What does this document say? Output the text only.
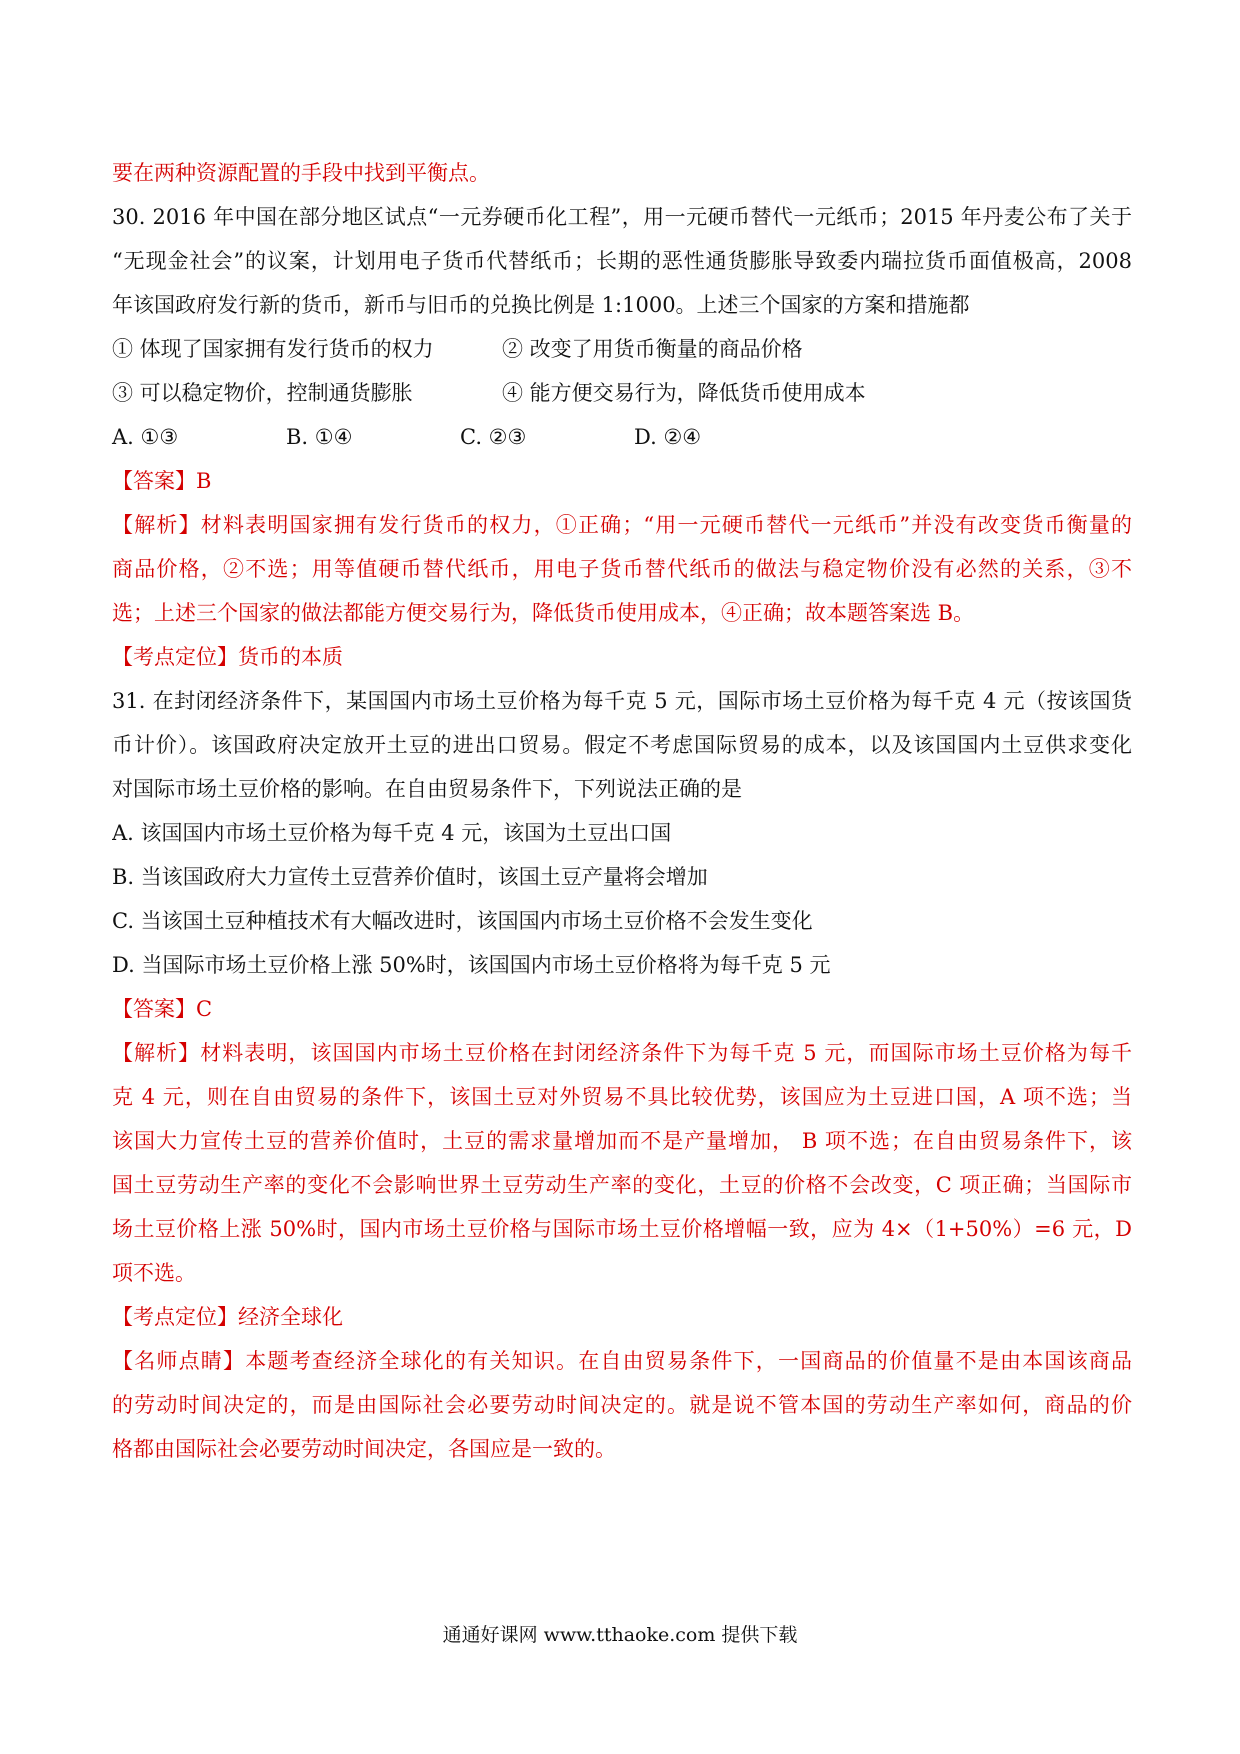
要在两种资源配置的手段中找到平衡点。
30. 2016 年中国在部分地区试点“一元券硬币化工程”，用一元硬币替代一元纸币；2015 年丹麦公布了关于
“无现金社会”的议案，计划用电子货币代替纸币；长期的恶性通货膨胀导致委内瑞拉货币面值极高，2008
年该国政府发行新的货币，新币与旧币的兑换比例是 1:1000。上述三个国家的方案和措施都
① 体现了国家拥有发行货币的权力	② 改变了用货币衡量的商品价格
③ 可以稳定物价，控制通货膨胀	④ 能方便交易行为，降低货币使用成本
A. ①③	B. ①④	C. ②③	D. ②④
【答案】B
【解析】材料表明国家拥有发行货币的权力，①正确；“用一元硬币替代一元纸币”并没有改变货币衡量的
商品价格，②不选；用等值硬币替代纸币，用电子货币替代纸币的做法与稳定物价没有必然的关系，③不
选；上述三个国家的做法都能方便交易行为，降低货币使用成本，④正确；故本题答案选 B。
【考点定位】货币的本质
31. 在封闭经济条件下，某国国内市场土豆价格为每千克 5 元，国际市场土豆价格为每千克 4 元（按该国货
币计价）。该国政府决定放开土豆的进出口贸易。假定不考虑国际贸易的成本，以及该国国内土豆供求变化
对国际市场土豆价格的影响。在自由贸易条件下，下列说法正确的是
A. 该国国内市场土豆价格为每千克 4 元，该国为土豆出口国
B. 当该国政府大力宣传土豆营养价值时，该国土豆产量将会增加
C. 当该国土豆种植技术有大幅改进时，该国国内市场土豆价格不会发生变化
D. 当国际市场土豆价格上涨 50%时，该国国内市场土豆价格将为每千克 5 元
【答案】C
【解析】材料表明，该国国内市场土豆价格在封闭经济条件下为每千克 5 元，而国际市场土豆价格为每千
克 4 元，则在自由贸易的条件下，该国土豆对外贸易不具比较优势，该国应为土豆进口国，A 项不选；当
该国大力宣传土豆的营养价值时，土豆的需求量增加而不是产量增加， B 项不选；在自由贸易条件下，该
国土豆劳动生产率的变化不会影响世界土豆劳动生产率的变化，土豆的价格不会改变，C 项正确；当国际市
场土豆价格上涨 50%时，国内市场土豆价格与国际市场土豆价格增幅一致，应为 4×（1+50%）=6 元，D
项不选。
【考点定位】经济全球化
【名师点睛】本题考查经济全球化的有关知识。在自由贸易条件下，一国商品的价值量不是由本国该商品
的劳动时间决定的，而是由国际社会必要劳动时间决定的。就是说不管本国的劳动生产率如何，商品的价
格都由国际社会必要劳动时间决定，各国应是一致的。
通通好课网 www.tthaoke.com 提供下载
